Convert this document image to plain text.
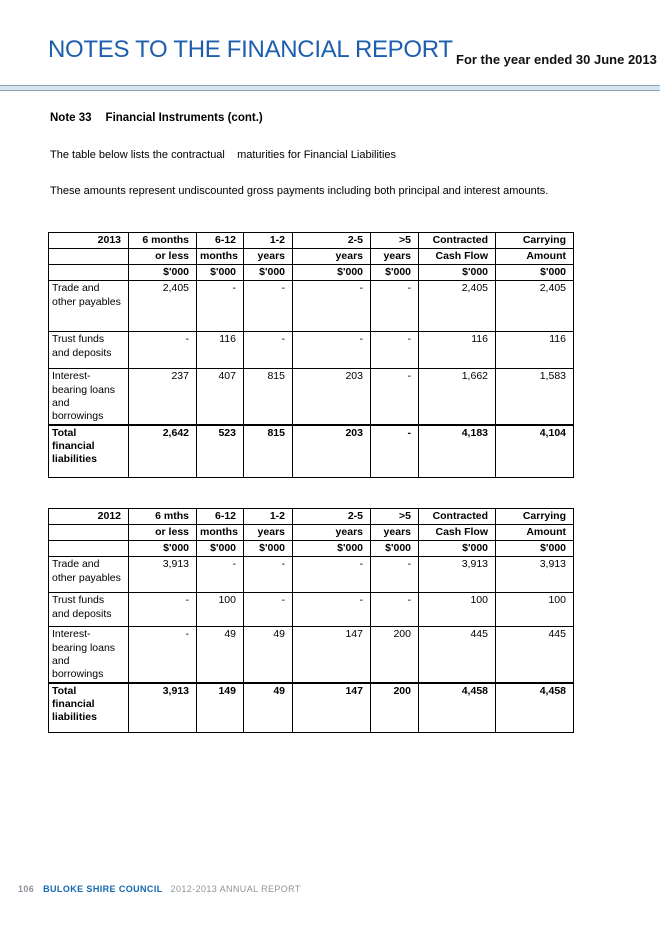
NOTES TO THE FINANCIAL REPORT For the year ended 30 June 2013
Note 33 Financial Instruments (cont.)
The table below lists the contractual    maturities for Financial Liabilities
These amounts represent undiscounted gross payments including both principal and interest amounts.
2013	6 months	6-12	1-2	2-5	>5	Contracted	Carrying
	or less	months	years	years	years	Cash Flow	Amount
	$'000	$'000	$'000	$'000	$'000	$'000	$'000
Trade and other payables	2,405	-	-	-	-	2,405	2,405
Trust funds and deposits	-	116	-	-	-	116	116
Interest-bearing loans and borrowings	237	407	815	203	-	1,662	1,583
Total financial liabilities	2,642	523	815	203	-	4,183	4,104
2012	6 mths	6-12	1-2	2-5	>5	Contracted	Carrying
	or less	months	years	years	years	Cash Flow	Amount
	$'000	$'000	$'000	$'000	$'000	$'000	$'000
Trade and other payables	3,913	-	-	-	-	3,913	3,913
Trust funds and deposits	-	100	-	-	-	100	100
Interest-bearing loans and borrowings	-	49	49	147	200	445	445
Total financial liabilities	3,913	149	49	147	200	4,458	4,458
106 BULOKE SHIRE COUNCIL 2012-2013 ANNUAL REPORT
